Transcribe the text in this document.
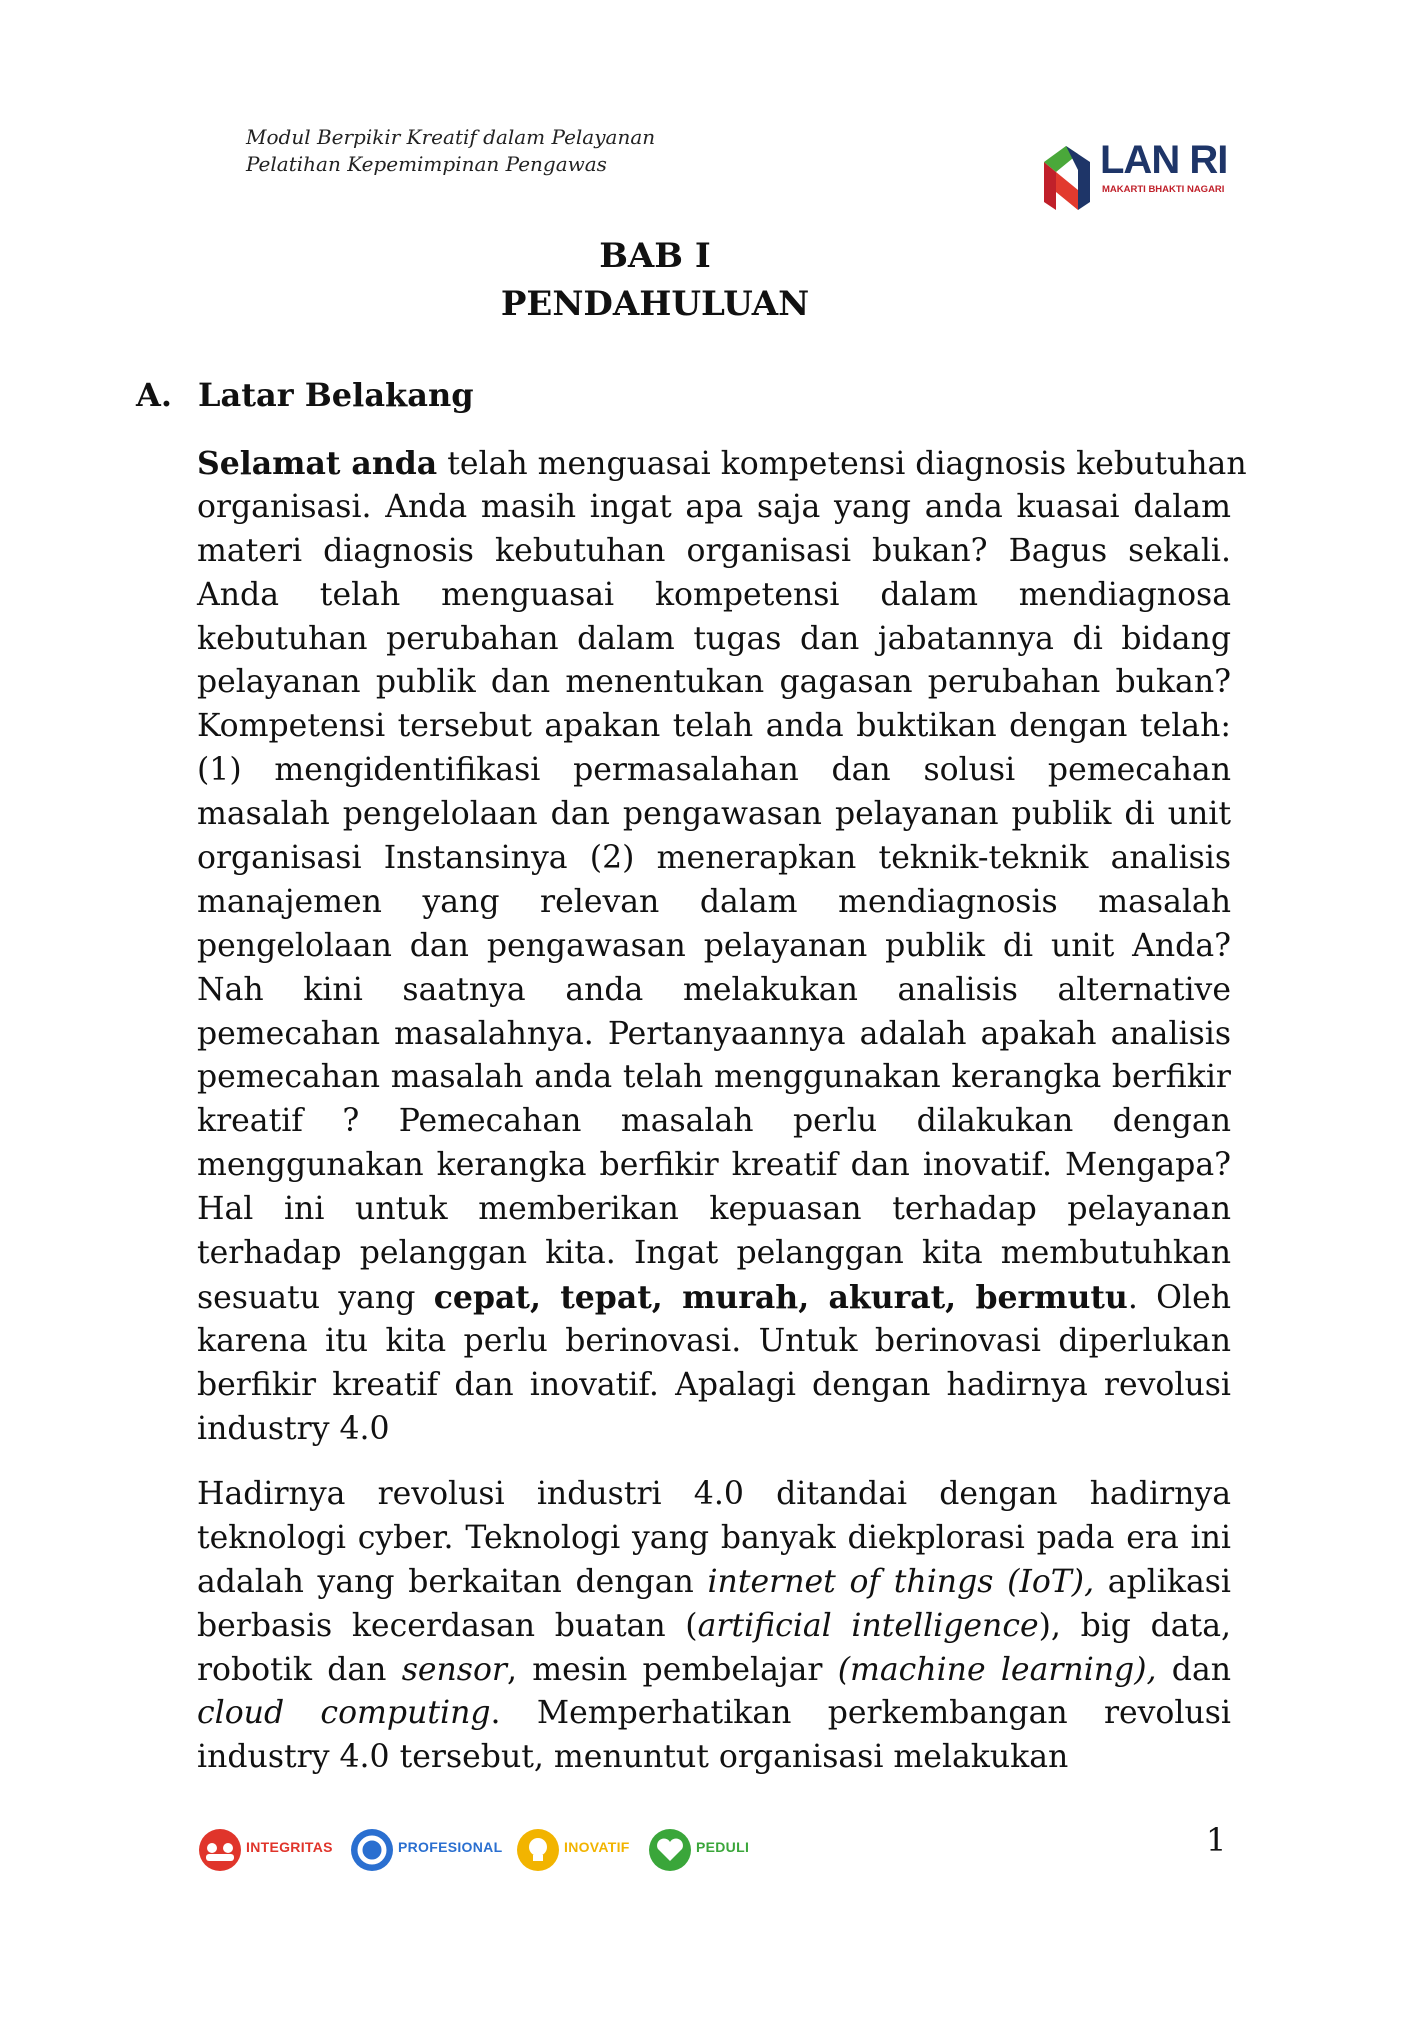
Modul Berpikir Kreatif dalam Pelayanan
Pelatihan Kepemimpinan Pengawas	LAN RI
MAKARTI BHAKTI NAGARI
BAB I
PENDAHULUAN
A. Latar Belakang
Selamat anda telah menguasai kompetensi diagnosis kebutuhan
organisasi. Anda masih ingat apa saja yang anda kuasai dalam
materi diagnosis kebutuhan organisasi bukan? Bagus sekali.
Anda telah menguasai kompetensi dalam mendiagnosa
kebutuhan perubahan dalam tugas dan jabatannya di bidang
pelayanan publik dan menentukan gagasan perubahan bukan?
Kompetensi tersebut apakan telah anda buktikan dengan telah:
(1) mengidentifikasi permasalahan dan solusi pemecahan
masalah pengelolaan dan pengawasan pelayanan publik di unit
organisasi Instansinya (2) menerapkan teknik-teknik analisis
manajemen yang relevan dalam mendiagnosis masalah
pengelolaan dan pengawasan pelayanan publik di unit Anda?
Nah kini saatnya anda melakukan analisis alternative
pemecahan masalahnya. Pertanyaannya adalah apakah analisis
pemecahan masalah anda telah menggunakan kerangka berfikir
kreatif ? Pemecahan masalah perlu dilakukan dengan
menggunakan kerangka berfikir kreatif dan inovatif. Mengapa?
Hal ini untuk memberikan kepuasan terhadap pelayanan
terhadap pelanggan kita. Ingat pelanggan kita membutuhkan
sesuatu yang cepat, tepat, murah, akurat, bermutu. Oleh
karena itu kita perlu berinovasi. Untuk berinovasi diperlukan
berfikir kreatif dan inovatif. Apalagi dengan hadirnya revolusi
industry 4.0
Hadirnya revolusi industri 4.0 ditandai dengan hadirnya
teknologi cyber. Teknologi yang banyak diekplorasi pada era ini
adalah yang berkaitan dengan internet of things (IoT), aplikasi
berbasis kecerdasan buatan (artificial intelligence), big data,
robotik dan sensor, mesin pembelajar (machine learning), dan
cloud computing. Memperhatikan perkembangan revolusi
industry 4.0 tersebut, menuntut organisasi melakukan
INTEGRITAS	PROFESIONAL	INOVATIF	PEDULI	1
